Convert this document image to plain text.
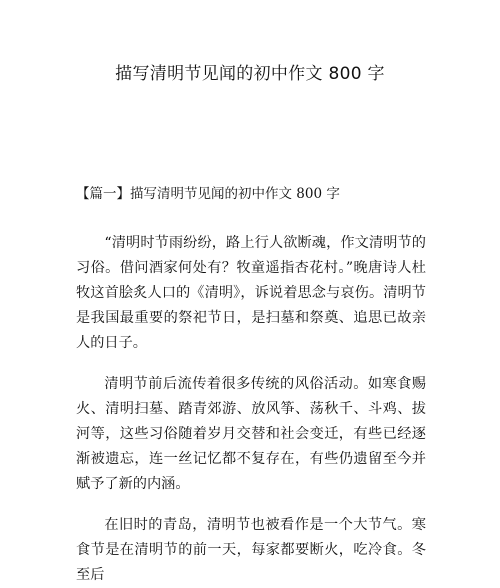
描写清明节见闻的初中作文 800 字
【篇一】描写清明节见闻的初中作文 800 字

“清明时节雨纷纷，路上行人欲断魂，作文清明节的习俗。借问酒家何处有？牧童遥指杏花村。”晚唐诗人杜牧这首脍炙人口的《清明》，诉说着思念与哀伤。清明节是我国最重要的祭祀节日，是扫墓和祭奠、追思已故亲人的日子。

清明节前后流传着很多传统的风俗活动。如寒食赐火、清明扫墓、踏青郊游、放风筝、荡秋千、斗鸡、拔河等，这些习俗随着岁月交替和社会变迁，有些已经逐渐被遗忘，连一丝记忆都不复存在，有些仍遗留至今并赋予了新的内涵。

在旧时的青岛，清明节也被看作是一个大节气。寒食节是在清明节的前一天，每家都要断火，吃冷食。冬至后
